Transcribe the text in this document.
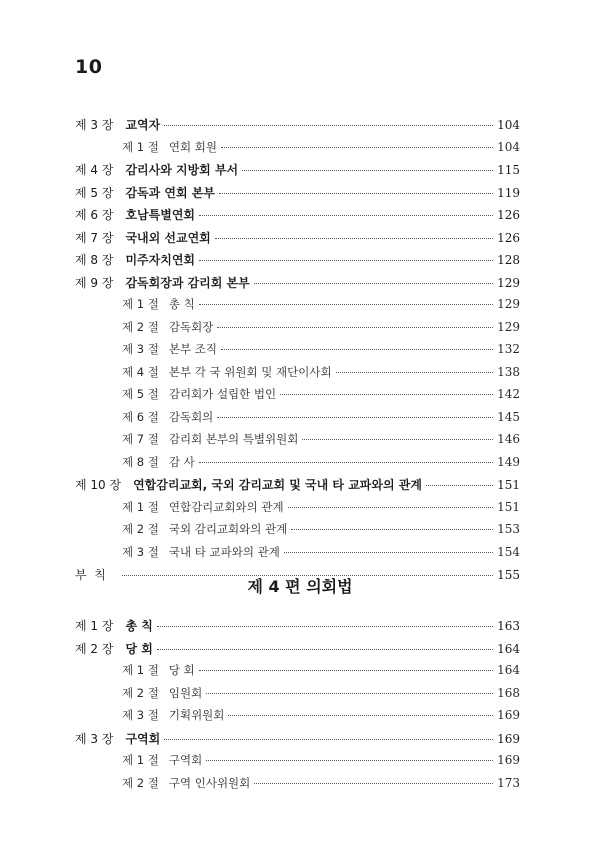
10
제 3 장 교역자	104
제 1 절 연회 회원	104
제 4 장 감리사와 지방회 부서	115
제 5 장 감독과 연회 본부	119
제 6 장 호남특별연회	126
제 7 장 국내외 선교연회	126
제 8 장 미주자치연회	128
제 9 장 감독회장과 감리회 본부	129
제 1 절 총 칙	129
제 2 절 감독회장	129
제 3 절 본부 조직	132
제 4 절 본부 각 국 위원회 및 재단이사회	138
제 5 절 감리회가 설립한 법인	142
제 6 절 감독회의	145
제 7 절 감리회 본부의 특별위원회	146
제 8 절 감 사	149
제 10 장 연합감리교회, 국외 감리교회 및 국내 타 교파와의 관계	151
제 1 절 연합감리교회와의 관계	151
제 2 절 국외 감리교회와의 관계	153
제 3 절 국내 타 교파와의 관계	154
부  칙	155
제 4 편 의회법
제 1 장 총 칙	163
제 2 장 당 회	164
제 1 절 당 회	164
제 2 절 임원회	168
제 3 절 기획위원회	169
제 3 장 구역회	169
제 1 절 구역회	169
제 2 절 구역 인사위원회	173
